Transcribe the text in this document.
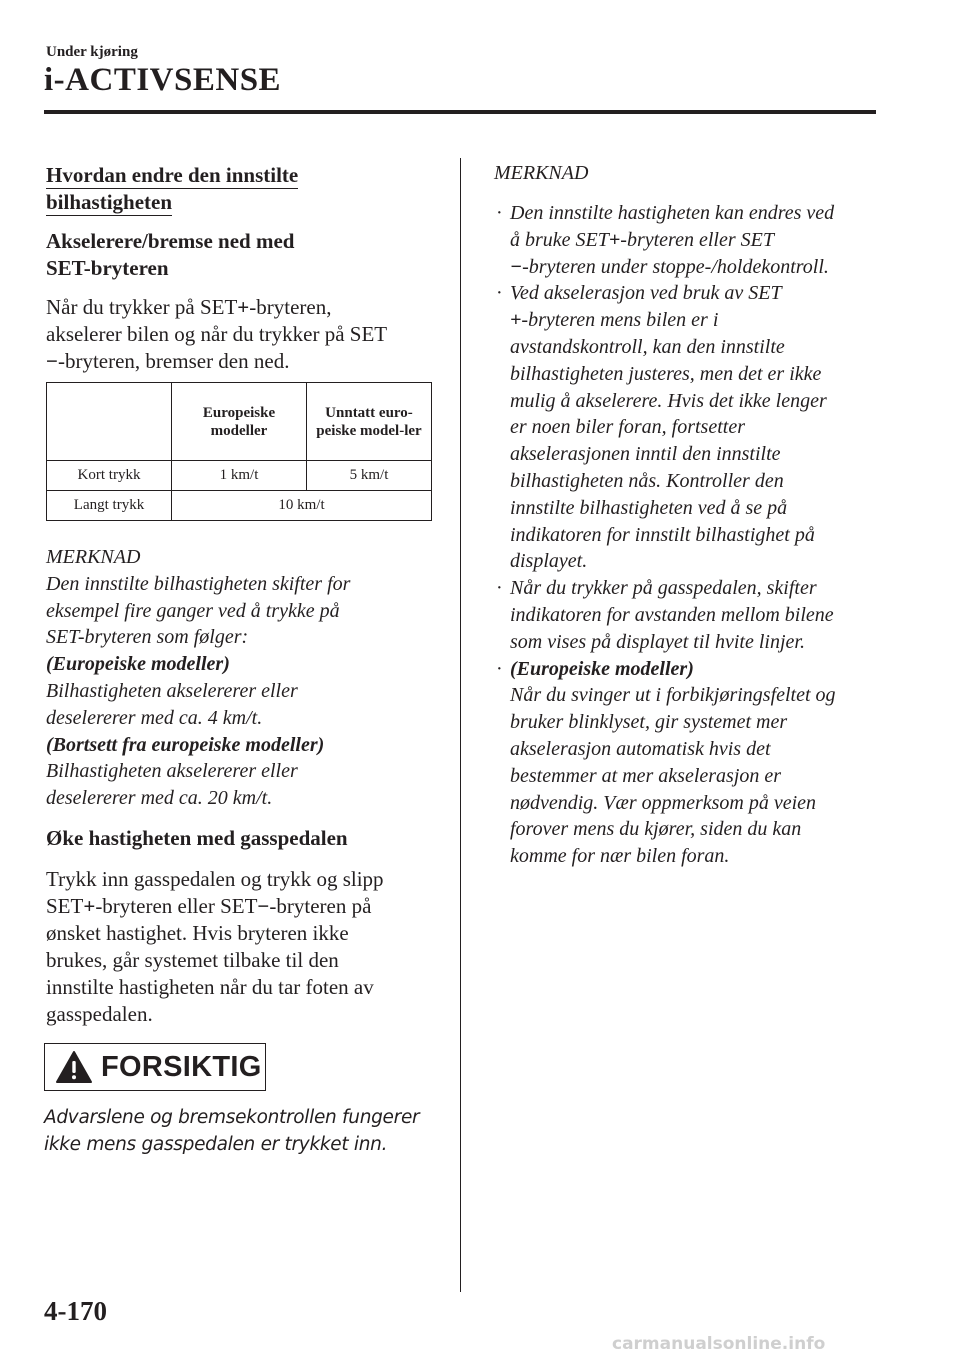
Under kjøring
i-ACTIVSENSE
Hvordan endre den innstilte
bilhastigheten
Akselerere/bremse ned med
SET-bryteren
Når du trykker på SET+-bryteren,
akselerer bilen og når du trykker på SET
−-bryteren, bremser den ned.
	Europeiske modeller	Unntatt euro-peiske model-ler
Kort trykk	1 km/t	5 km/t
Langt trykk	10 km/t	
MERKNAD
Den innstilte bilhastigheten skifter for
eksempel fire ganger ved å trykke på
SET-bryteren som følger:
(Europeiske modeller)
Bilhastigheten akselererer eller
deselererer med ca. 4 km/t.
(Bortsett fra europeiske modeller)
Bilhastigheten akselererer eller
deselererer med ca. 20 km/t.
Øke hastigheten med gasspedalen
Trykk inn gasspedalen og trykk og slipp
SET+-bryteren eller SET−-bryteren på
ønsket hastighet. Hvis bryteren ikke
brukes, går systemet tilbake til den
innstilte hastigheten når du tar foten av
gasspedalen.
FORSIKTIG
Advarslene og bremsekontrollen fungerer
ikke mens gasspedalen er trykket inn.
MERKNAD
· Den innstilte hastigheten kan endres ved
å bruke SET+-bryteren eller SET
−-bryteren under stoppe-/holdekontroll.
· Ved akselerasjon ved bruk av SET
+-bryteren mens bilen er i
avstandskontroll, kan den innstilte
bilhastigheten justeres, men det er ikke
mulig å akselerere. Hvis det ikke lenger
er noen biler foran, fortsetter
akselerasjonen inntil den innstilte
bilhastigheten nås. Kontroller den
innstilte bilhastigheten ved å se på
indikatoren for innstilt bilhastighet på
displayet.
· Når du trykker på gasspedalen, skifter
indikatoren for avstanden mellom bilene
som vises på displayet til hvite linjer.
· (Europeiske modeller)
Når du svinger ut i forbikjøringsfeltet og
bruker blinklyset, gir systemet mer
akselerasjon automatisk hvis det
bestemmer at mer akselerasjon er
nødvendig. Vær oppmerksom på veien
forover mens du kjører, siden du kan
komme for nær bilen foran.
4-170
carmanualsonline.info
